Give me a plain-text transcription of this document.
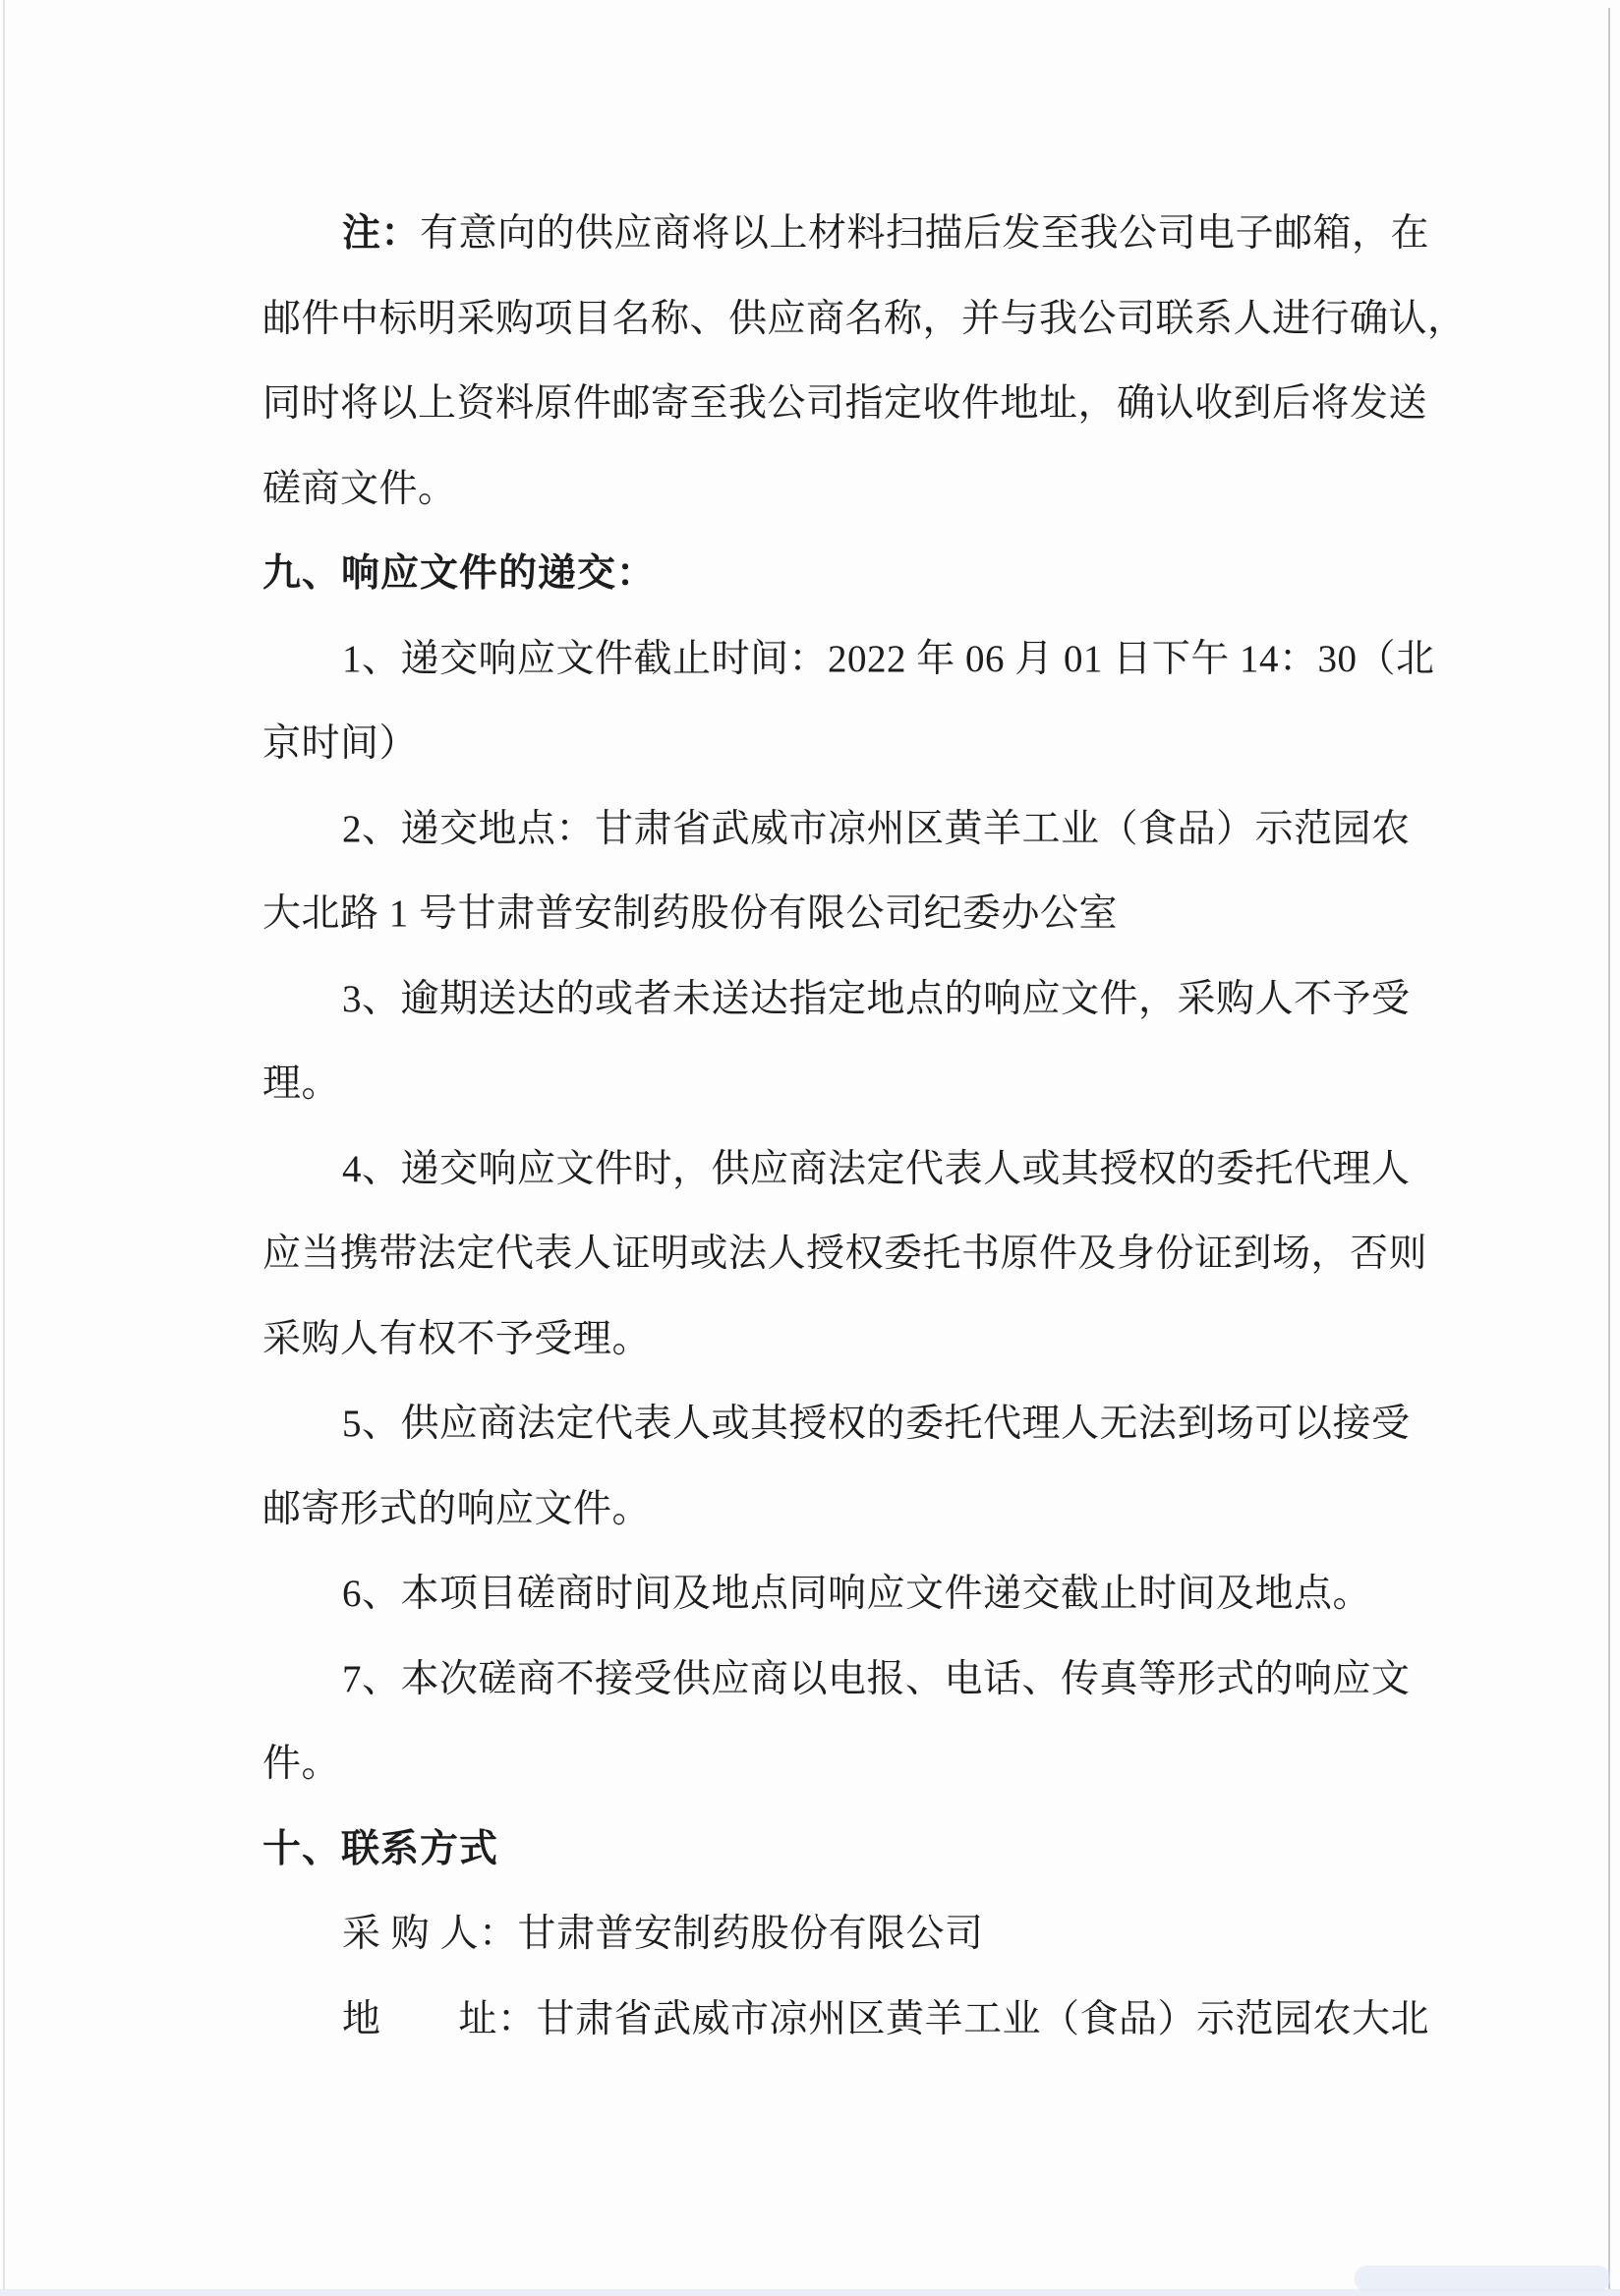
注：有意向的供应商将以上材料扫描后发至我公司电子邮箱，在
邮件中标明采购项目名称、供应商名称，并与我公司联系人进行确认，
同时将以上资料原件邮寄至我公司指定收件地址，确认收到后将发送
磋商文件。
九、响应文件的递交：
1、递交响应文件截止时间：2022 年 06 月 01 日下午 14：30（北
京时间）
2、递交地点：甘肃省武威市凉州区黄羊工业（食品）示范园农
大北路 1 号甘肃普安制药股份有限公司纪委办公室
3、逾期送达的或者未送达指定地点的响应文件，采购人不予受
理。
4、递交响应文件时，供应商法定代表人或其授权的委托代理人
应当携带法定代表人证明或法人授权委托书原件及身份证到场，否则
采购人有权不予受理。
5、供应商法定代表人或其授权的委托代理人无法到场可以接受
邮寄形式的响应文件。
6、本项目磋商时间及地点同响应文件递交截止时间及地点。
7、本次磋商不接受供应商以电报、电话、传真等形式的响应文
件。
十、联系方式
采 购 人：甘肃普安制药股份有限公司
地　　址：甘肃省武威市凉州区黄羊工业（食品）示范园农大北
